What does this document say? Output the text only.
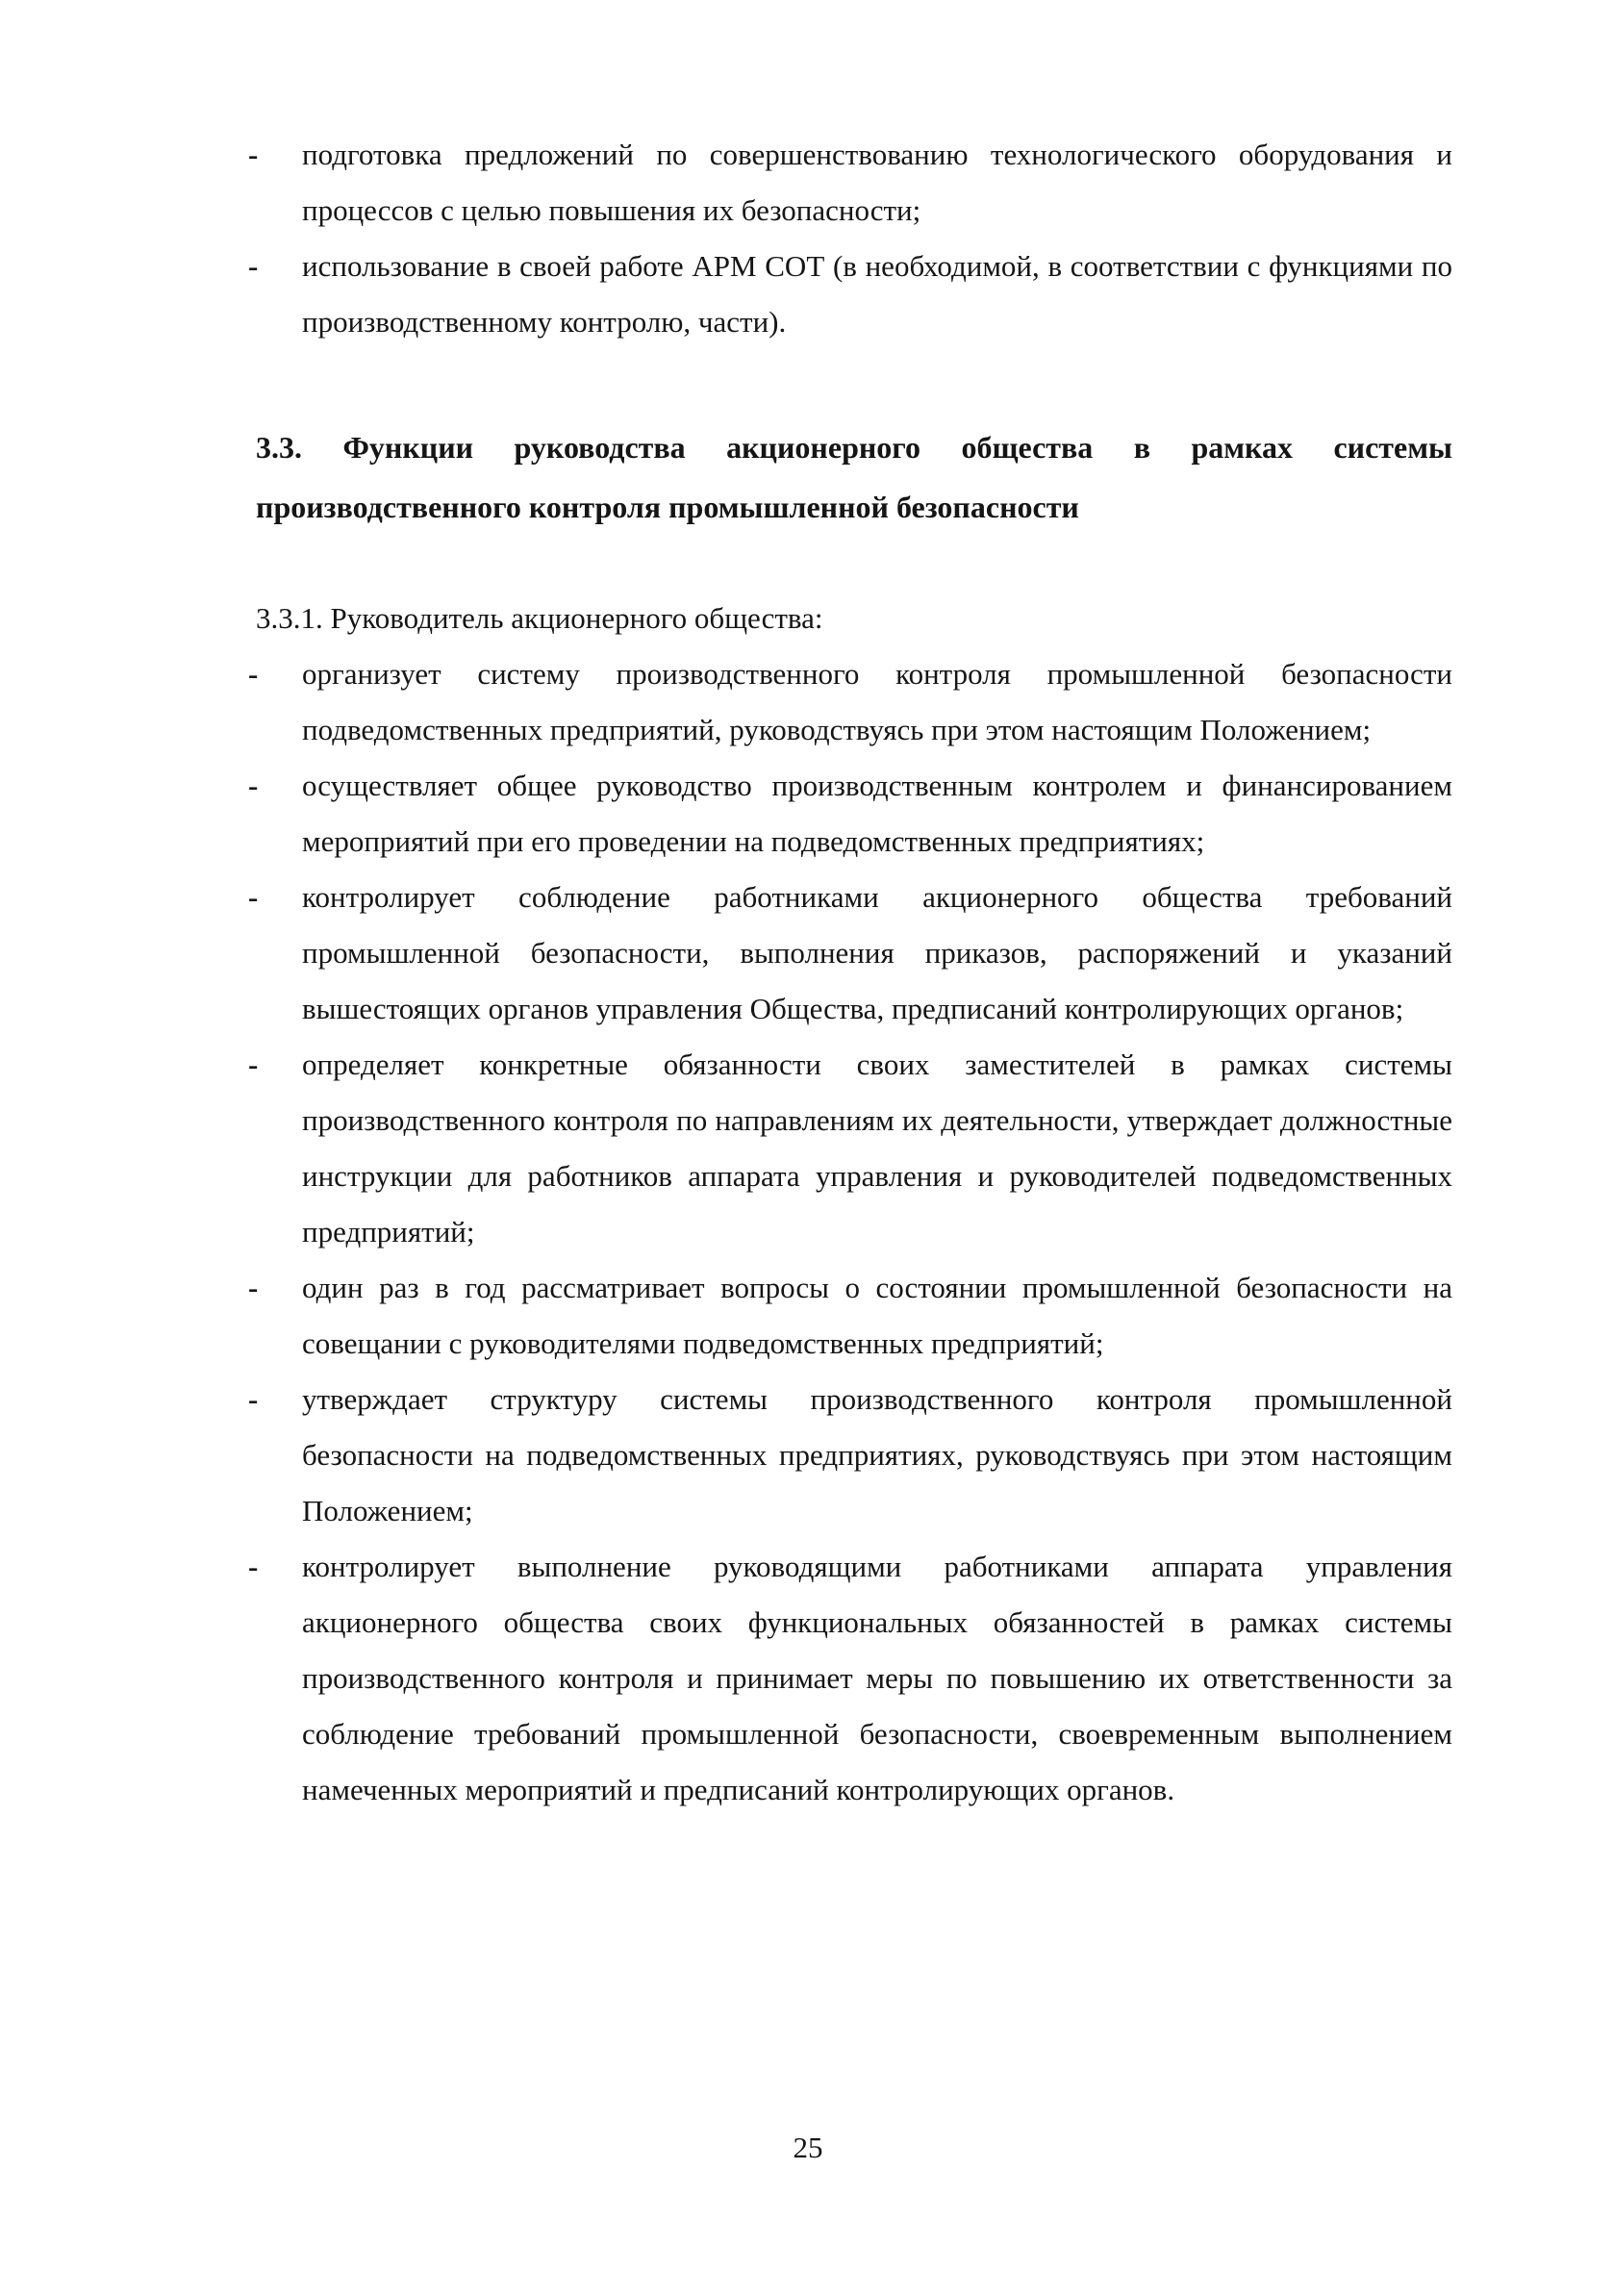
-	подготовка предложений по совершенствованию технологического оборудования и процессов с целью повышения их безопасности;
-	использование в своей работе АРМ СОТ (в необходимой, в соответствии с функциями по производственному контролю, части).
3.3. Функции руководства акционерного общества в рамках системы производственного контроля промышленной безопасности
3.3.1. Руководитель акционерного общества:
-	организует систему производственного контроля промышленной безопасности подведомственных предприятий, руководствуясь при этом настоящим Положением;
-	осуществляет общее руководство производственным контролем и финансированием мероприятий при его проведении на подведомственных предприятиях;
-	контролирует соблюдение работниками акционерного общества требований промышленной безопасности, выполнения приказов, распоряжений и указаний вышестоящих органов управления Общества, предписаний контролирующих органов;
-	определяет конкретные обязанности своих заместителей в рамках системы производственного контроля по направлениям их деятельности, утверждает должностные инструкции для работников аппарата управления и руководителей подведомственных предприятий;
-	один раз в год рассматривает вопросы о состоянии промышленной безопасности на совещании с руководителями подведомственных предприятий;
-	утверждает структуру системы производственного контроля промышленной безопасности на подведомственных предприятиях, руководствуясь при этом настоящим Положением;
-	контролирует выполнение руководящими работниками аппарата управления акционерного общества своих функциональных обязанностей в рамках системы производственного контроля и принимает меры по повышению их ответственности за соблюдение требований промышленной безопасности, своевременным выполнением намеченных мероприятий и предписаний контролирующих органов.
25
